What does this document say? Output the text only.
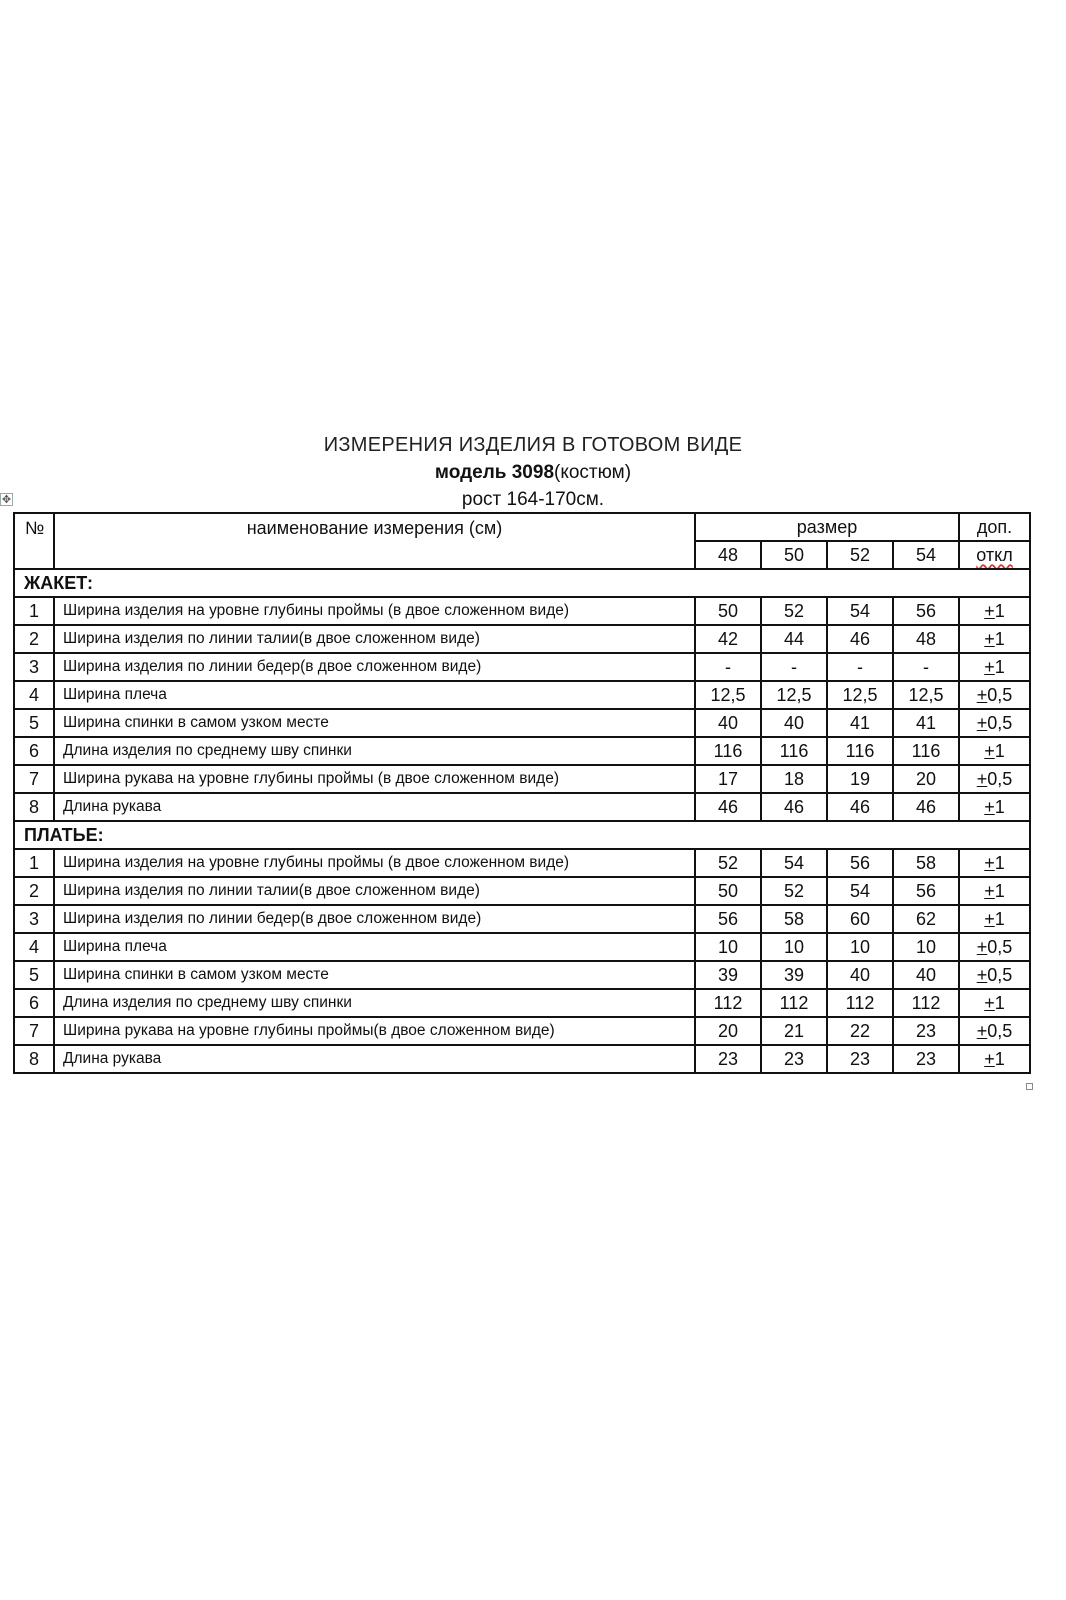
ИЗМЕРЕНИЯ ИЗДЕЛИЯ В ГОТОВОМ ВИДЕ
модель 3098(костюм)
рост 164-170см.
✥
№	наименование измерения (см)	размер				доп.
		48	50	52	54	откл
ЖАКЕТ:						
1	Ширина изделия на уровне глубины проймы (в двое сложенном виде)	50	52	54	56	+1
2	Ширина изделия по линии талии(в двое сложенном виде)	42	44	46	48	+1
3	Ширина изделия по линии бедер(в двое сложенном виде)	-	-	-	-	+1
4	Ширина плеча	12,5	12,5	12,5	12,5	+0,5
5	Ширина спинки в самом узком месте	40	40	41	41	+0,5
6	Длина изделия по среднему шву спинки	116	116	116	116	+1
7	Ширина рукава на уровне глубины проймы (в двое сложенном виде)	17	18	19	20	+0,5
8	Длина рукава	46	46	46	46	+1
ПЛАТЬЕ:						
1	Ширина изделия на уровне глубины проймы (в двое сложенном виде)	52	54	56	58	+1
2	Ширина изделия по линии талии(в двое сложенном виде)	50	52	54	56	+1
3	Ширина изделия по линии бедер(в двое сложенном виде)	56	58	60	62	+1
4	Ширина плеча	10	10	10	10	+0,5
5	Ширина спинки в самом узком месте	39	39	40	40	+0,5
6	Длина изделия по среднему шву спинки	112	112	112	112	+1
7	Ширина рукава на уровне глубины проймы(в двое сложенном виде)	20	21	22	23	+0,5
8	Длина рукава	23	23	23	23	+1
